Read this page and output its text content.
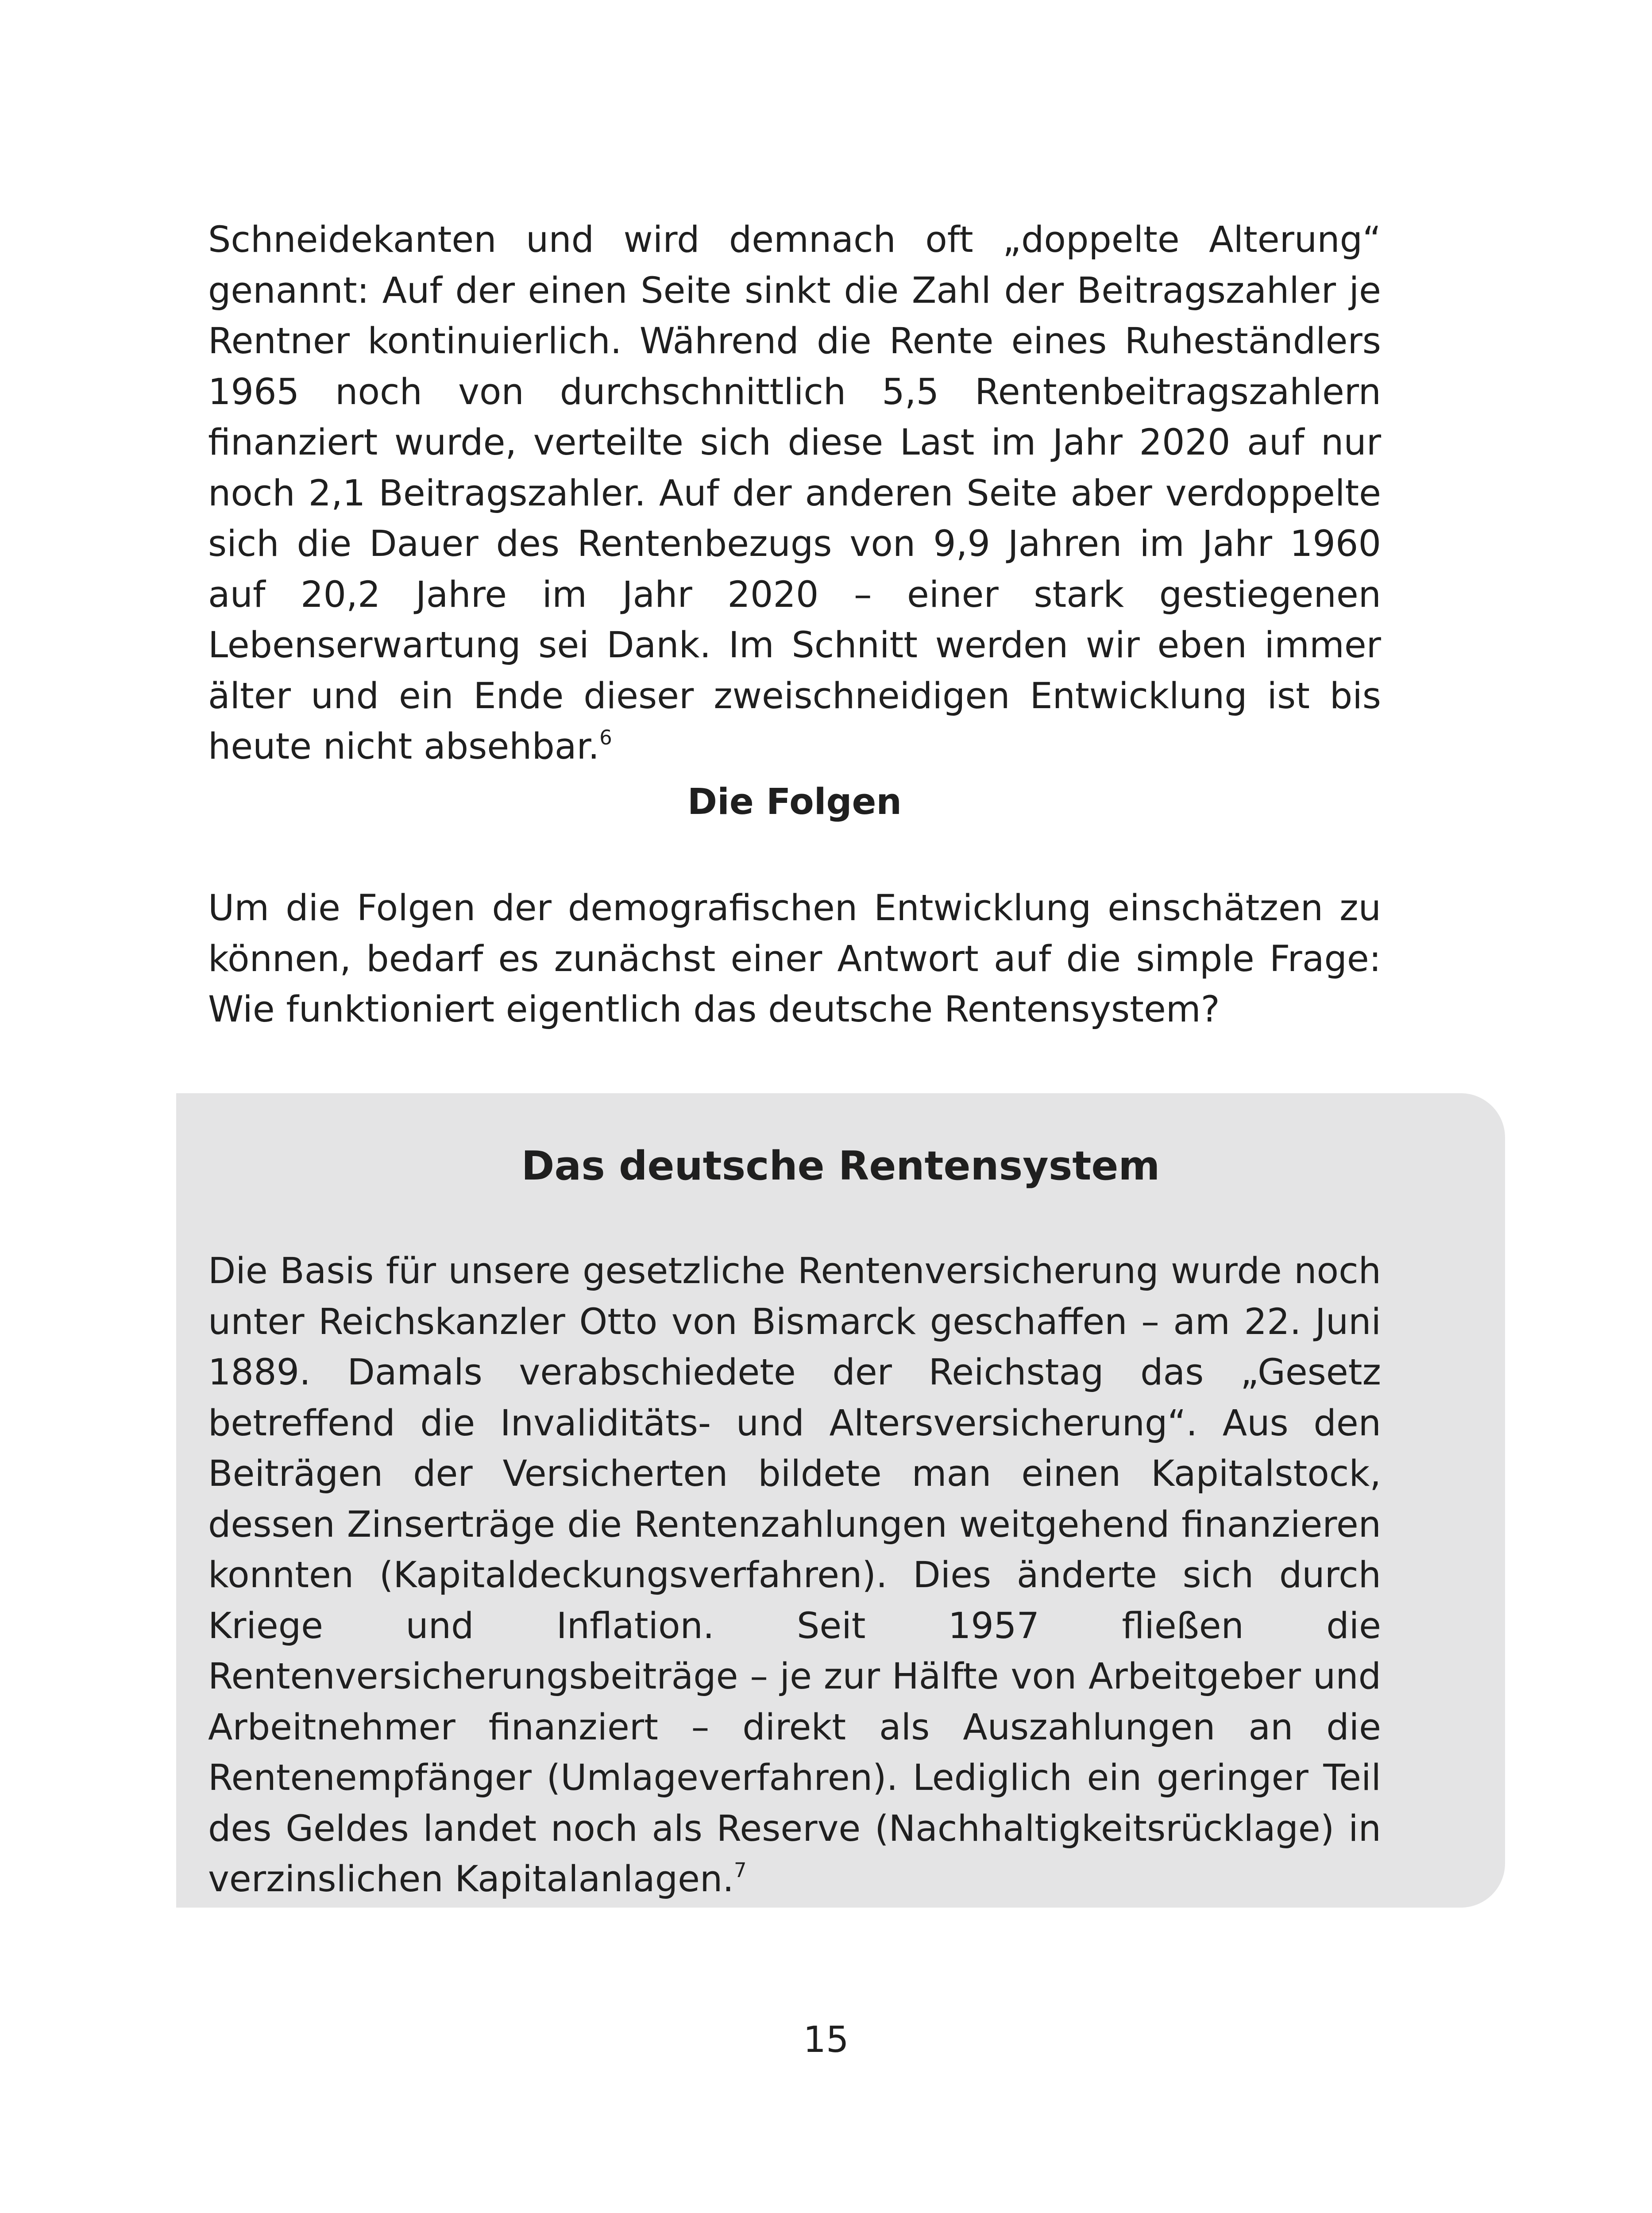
Schneidekanten und wird demnach oft „doppelte Alterung“ genannt: Auf der einen Seite sinkt die Zahl der Beitragszahler je Rentner kontinuierlich. Während die Rente eines Ruheständlers 1965 noch von durchschnittlich 5,5 Rentenbeitragszahlern finanziert wurde, verteilte sich diese Last im Jahr 2020 auf nur noch 2,1 Beitragszahler. Auf der anderen Seite aber verdoppelte sich die Dauer des Rentenbezugs von 9,9 Jahren im Jahr 1960 auf 20,2 Jahre im Jahr 2020 – einer stark gestiegenen Lebenserwartung sei Dank. Im Schnitt werden wir eben immer älter und ein Ende dieser zweischneidigen Entwicklung ist bis heute nicht absehbar.$^6$

Die Folgen

Um die Folgen der demografischen Entwicklung einschätzen zu können, bedarf es zunächst einer Antwort auf die simple Frage: Wie funktioniert eigentlich das deutsche Rentensystem?

Das deutsche Rentensystem

Die Basis für unsere gesetzliche Rentenversicherung wurde noch unter Reichskanzler Otto von Bismarck geschaffen – am 22. Juni 1889. Damals verabschiedete der Reichstag das „Gesetz betreffend die Invaliditäts- und Altersversicherung“. Aus den Beiträgen der Versicherten bildete man einen Kapitalstock, dessen Zinserträge die Rentenzahlungen weitgehend finanzieren konnten (Kapitaldeckungsverfahren). Dies änderte sich durch Kriege und Inflation. Seit 1957 fließen die Rentenversicherungsbeiträge – je zur Hälfte von Arbeitgeber und Arbeitnehmer finanziert – direkt als Auszahlungen an die Rentenempfänger (Umlageverfahren). Lediglich ein geringer Teil des Geldes landet noch als Reserve (Nachhaltigkeitsrücklage) in verzinslichen Kapitalanlagen.$^7$

15
